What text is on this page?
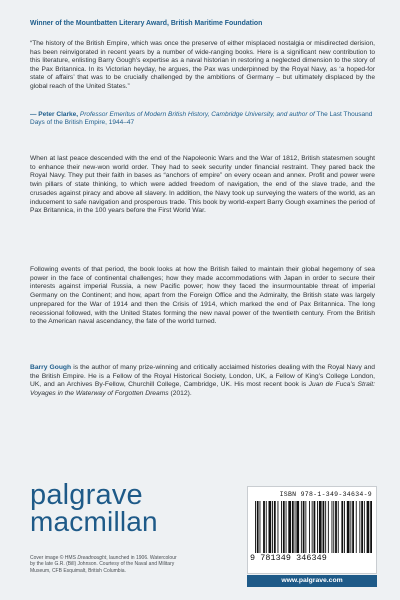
Winner of the Mountbatten Literary Award, British Maritime Foundation
“The history of the British Empire, which was once the preserve of either misplaced nostalgia or misdirected derision, has been reinvigorated in recent years by a number of wide-ranging books. Here is a significant new contribution to this literature, enlisting Barry Gough’s expertise as a naval historian in restoring a neglected dimension to the story of the Pax Britannica. In its Victorian heyday, he argues, the Pax was underpinned by the Royal Navy, as ‘a hoped-for state of affairs’ that was to be crucially challenged by the ambitions of Germany – but ultimately displaced by the global reach of the United States.”
— Peter Clarke, Professor Emeritus of Modern British History, Cambridge University, and author of The Last Thousand Days of the British Empire, 1944–47
When at last peace descended with the end of the Napoleonic Wars and the War of 1812, British statesmen sought to enhance their new-won world order. They had to seek security under financial restraint. They pared back the Royal Navy. They put their faith in bases as “anchors of empire” on every ocean and annex. Profit and power were twin pillars of state thinking, to which were added freedom of navigation, the end of the slave trade, and the crusades against piracy and above all slavery. In addition, the Navy took up surveying the waters of the world, as an inducement to safe navigation and prosperous trade. This book by world-expert Barry Gough examines the period of Pax Britannica, in the 100 years before the First World War.
Following events of that period, the book looks at how the British failed to maintain their global hegemony of sea power in the face of continental challenges; how they made accommodations with Japan in order to secure their interests against imperial Russia, a new Pacific power; how they faced the insurmountable threat of imperial Germany on the Continent; and how, apart from the Foreign Office and the Admiralty, the British state was largely unprepared for the War of 1914 and then the Crisis of 1914, which marked the end of Pax Britannica. The long recessional followed, with the United States forming the new naval power of the twentieth century. From the British to the American naval ascendancy, the fate of the world turned.
Barry Gough is the author of many prize-winning and critically acclaimed histories dealing with the Royal Navy and the British Empire. He is a Fellow of the Royal Historical Society, London, UK, a Fellow of King’s College London, UK, and an Archives By-Fellow, Churchill College, Cambridge, UK. His most recent book is Juan de Fuca’s Strait: Voyages in the Waterway of Forgotten Dreams (2012).
palgrave
macmillan
Cover image © HMS Dreadnought, launched in 1906. Watercolour by the late G.R. (Bill) Johnson. Courtesy of the Naval and Military Museum, CFB Esquimalt, British Columbia.
ISBN 978-1-349-34634-9
9 781349 346349
www.palgrave.com
